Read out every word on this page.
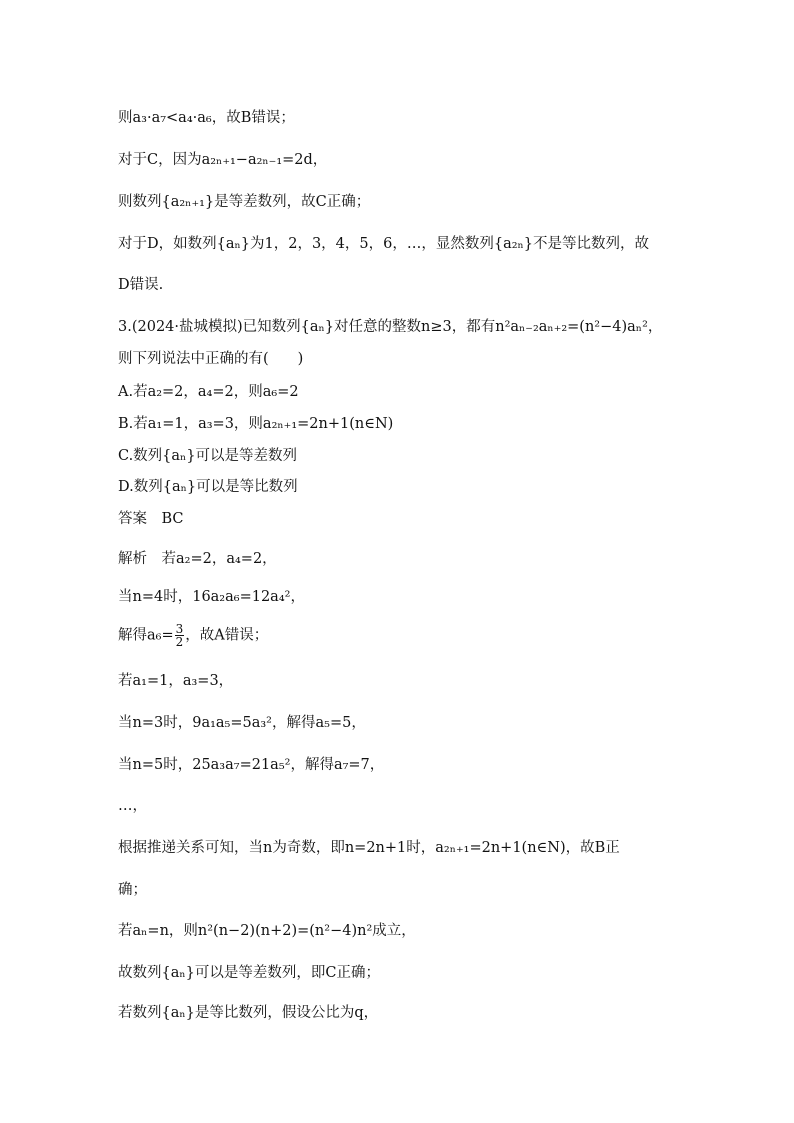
则a₃·a₇<a₄·a₆，故B错误；
对于C，因为a₂ₙ₊₁−a₂ₙ₋₁=2d，
则数列{a₂ₙ₊₁}是等差数列，故C正确；
对于D，如数列{aₙ}为1，2，3，4，5，6，…，显然数列{a₂ₙ}不是等比数列，故
D错误.
3.(2024·盐城模拟)已知数列{aₙ}对任意的整数n≥3，都有n²aₙ₋₂aₙ₊₂=(n²−4)aₙ²，
则下列说法中正确的有(　　)
A.若a₂=2，a₄=2，则a₆=2
B.若a₁=1，a₃=3，则a₂ₙ₊₁=2n+1(n∈N)
C.数列{aₙ}可以是等差数列
D.数列{aₙ}可以是等比数列
答案　BC
解析　若a₂=2，a₄=2，
当n=4时，16a₂a₆=12a₄²，
解得$a_6= \frac{3}{2}$ ，故A错误；
若a₁=1，a₃=3，
当n=3时，9a₁a₅=5a₃²，解得a₅=5，
当n=5时，25a₃a₇=21a₅²，解得a₇=7，
…，
根据推递关系可知，当n为奇数，即n=2n+1时，a₂ₙ₊₁=2n+1(n∈N)，故B正
确；
若aₙ=n，则n²(n−2)(n+2)=(n²−4)n²成立，
故数列{aₙ}可以是等差数列，即C正确；
若数列{aₙ}是等比数列，假设公比为q，
